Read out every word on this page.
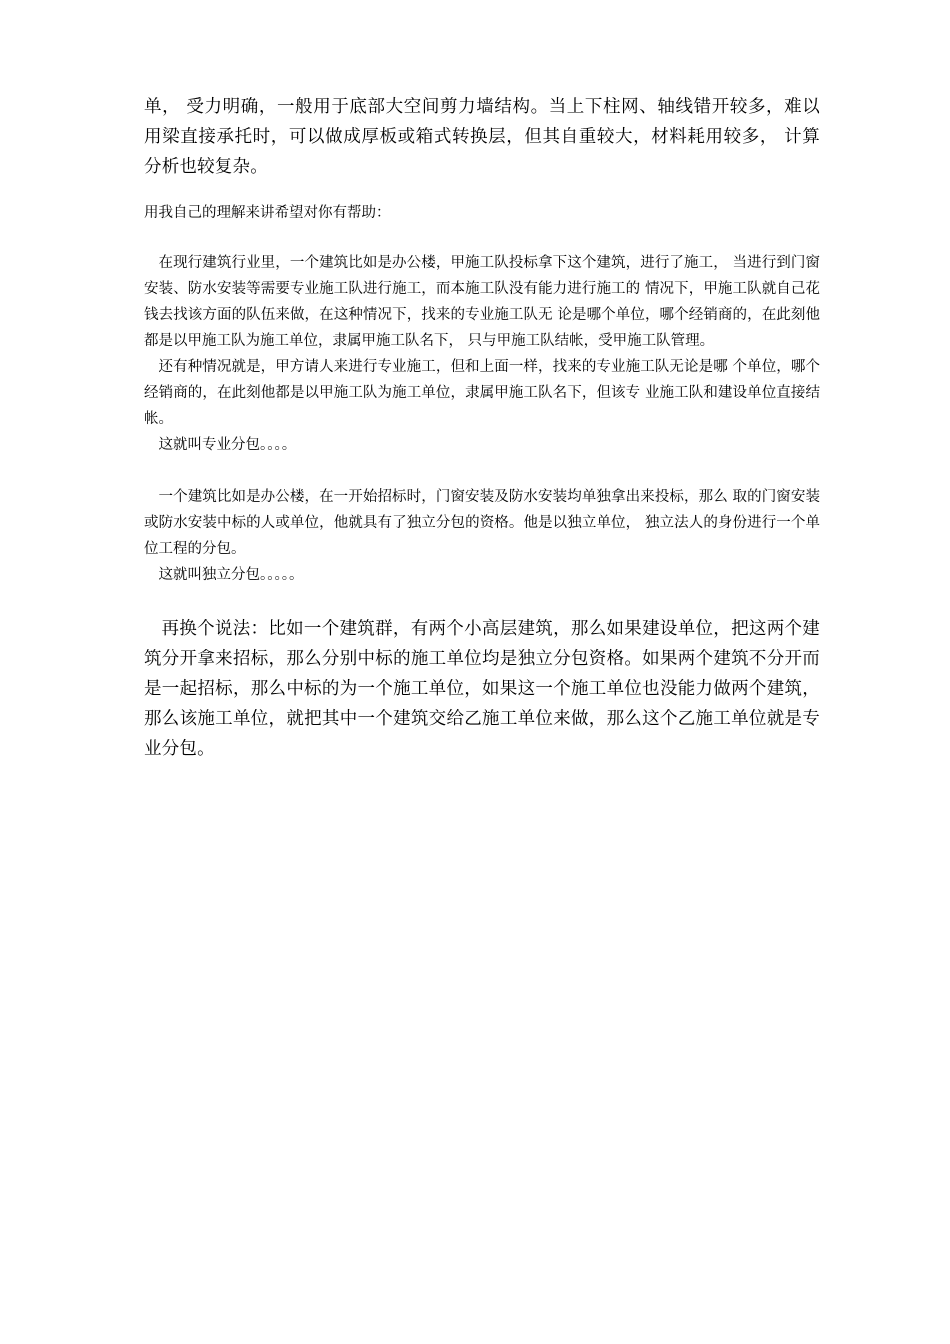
单， 受力明确，一般用于底部大空间剪力墙结构。当上下柱网、轴线错开较多，难以 用梁直接承托时，可以做成厚板或箱式转换层，但其自重较大，材料耗用较多， 计算分析也较复杂。

用我自己的理解来讲希望对你有帮助：

在现行建筑行业里，一个建筑比如是办公楼，甲施工队投标拿下这个建筑，进行了施工， 当进行到门窗安装、防水安装等需要专业施工队进行施工，而本施工队没有能力进行施工的 情况下，甲施工队就自己花钱去找该方面的队伍来做，在这种情况下，找来的专业施工队无 论是哪个单位，哪个经销商的，在此刻他都是以甲施工队为施工单位，隶属甲施工队名下， 只与甲施工队结帐，受甲施工队管理。

还有种情况就是，甲方请人来进行专业施工，但和上面一样，找来的专业施工队无论是哪 个单位，哪个经销商的，在此刻他都是以甲施工队为施工单位，隶属甲施工队名下，但该专 业施工队和建设单位直接结帐。

这就叫专业分包。。。。

一个建筑比如是办公楼，在一开始招标时，门窗安装及防水安装均单独拿出来投标，那么 取的门窗安装或防水安装中标的人或单位，他就具有了独立分包的资格。他是以独立单位， 独立法人的身份进行一个单位工程的分包。

这就叫独立分包。。。。。

再换个说法：比如一个建筑群，有两个小高层建筑，那么如果建设单位，把这两个建筑分开拿来招标，那么分别中标的施工单位均是独立分包资格。如果两个建筑不分开而是一起招标，那么中标的为一个施工单位，如果这一个施工单位也没能力做两个建筑，那么该施工单位，就把其中一个建筑交给乙施工单位来做，那么这个乙施工单位就是专业分包。
